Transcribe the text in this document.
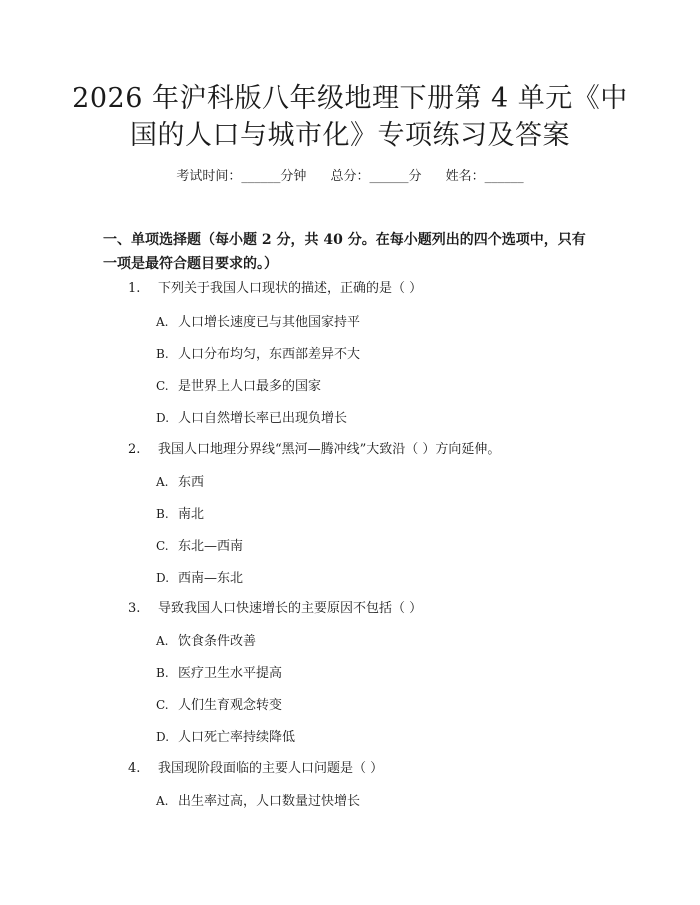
2026 年沪科版八年级地理下册第 4 单元《中
国的人口与城市化》专项练习及答案
考试时间：______分钟 总分：______分 姓名：______

一、单项选择题（每小题 2 分，共 40 分。在每小题列出的四个选项中，只有一项是最符合题目要求的。）

1. 下列关于我国人口现状的描述，正确的是（ ）
A. 人口增长速度已与其他国家持平
B. 人口分布均匀，东西部差异不大
C. 是世界上人口最多的国家
D. 人口自然增长率已出现负增长
2. 我国人口地理分界线“黑河—腾冲线”大致沿（ ）方向延伸。
A. 东西
B. 南北
C. 东北—西南
D. 西南—东北
3. 导致我国人口快速增长的主要原因不包括（ ）
A. 饮食条件改善
B. 医疗卫生水平提高
C. 人们生育观念转变
D. 人口死亡率持续降低
4. 我国现阶段面临的主要人口问题是（ ）
A. 出生率过高，人口数量过快增长
